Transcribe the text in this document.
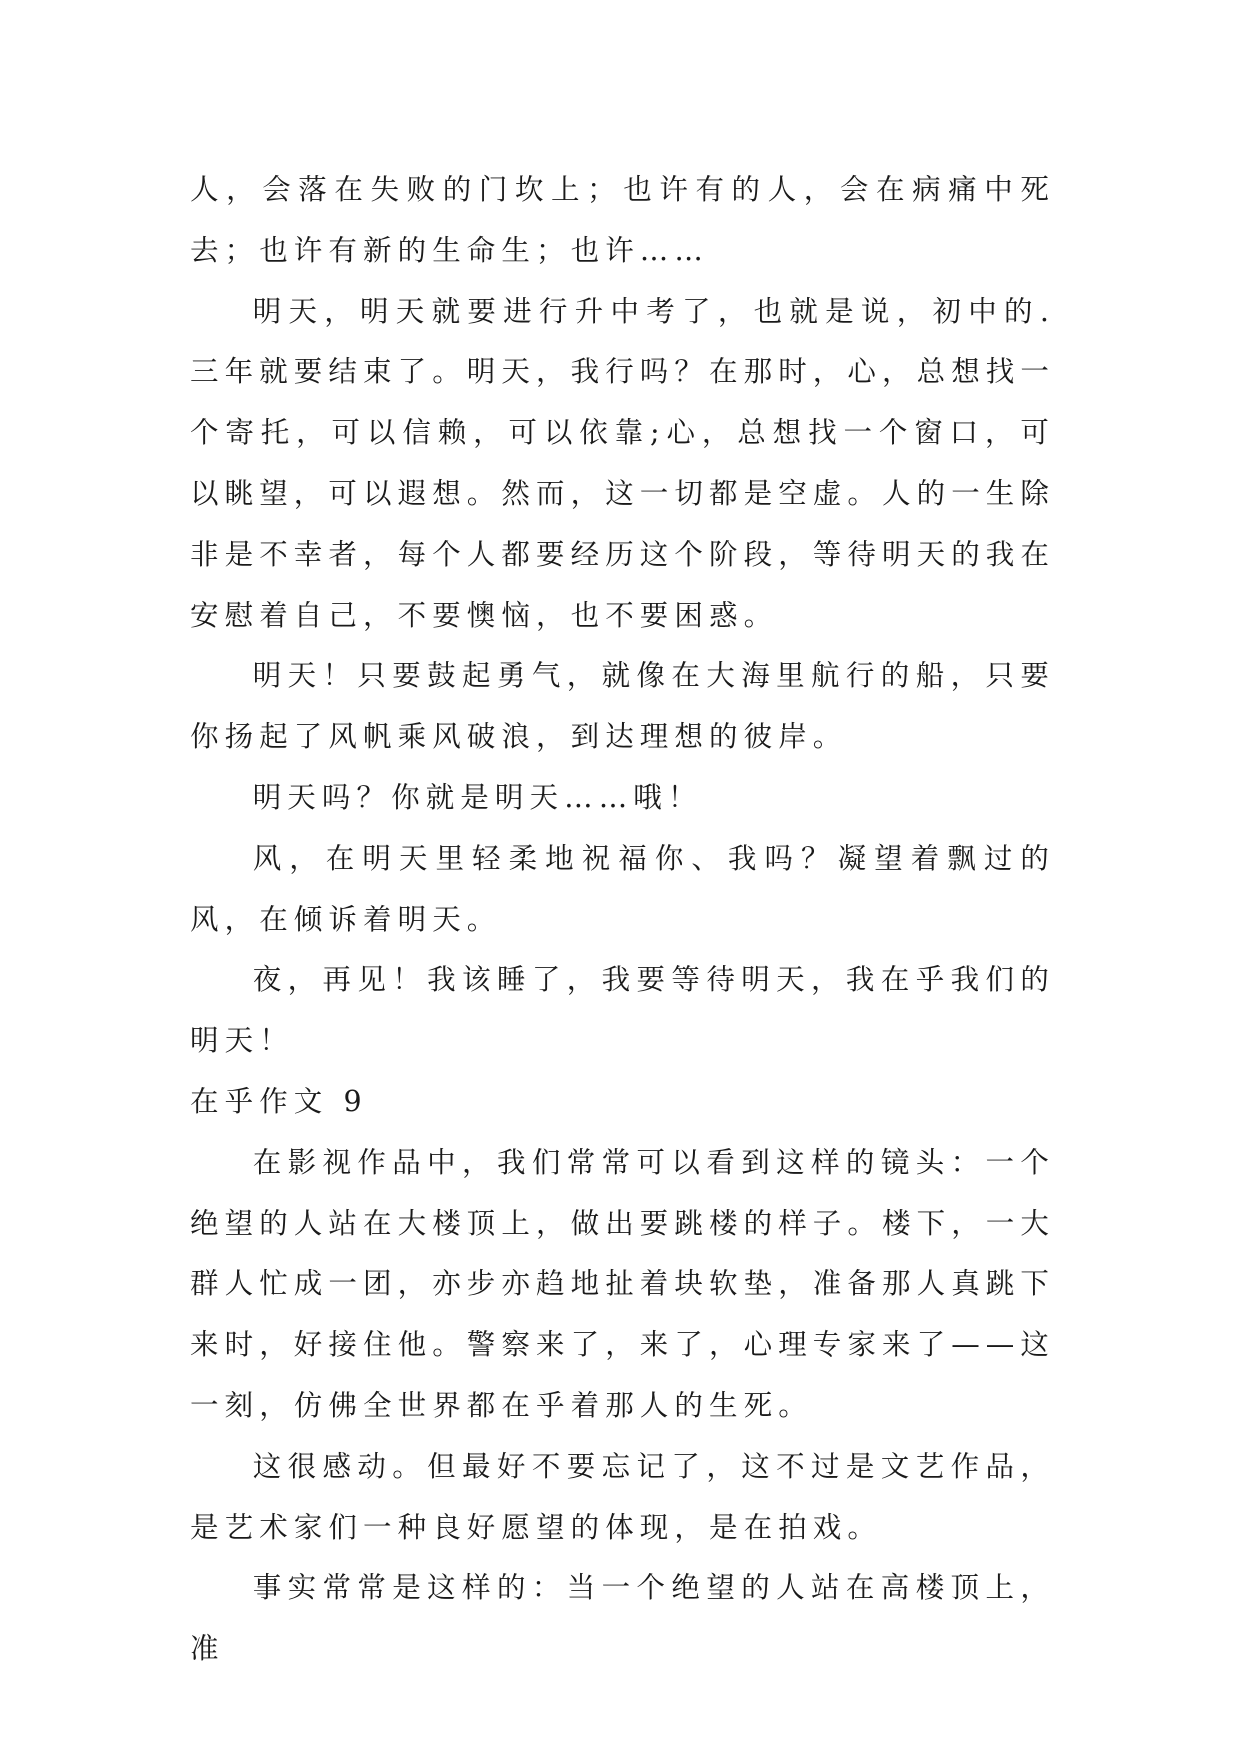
人，会落在失败的门坎上；也许有的人，会在病痛中死去；也许有新的生命生；也许……

明天，明天就要进行升中考了，也就是说，初中的.三年就要结束了。明天，我行吗？在那时，心，总想找一个寄托，可以信赖，可以依靠;心，总想找一个窗口，可以眺望，可以遐想。然而，这一切都是空虚。人的一生除非是不幸者，每个人都要经历这个阶段，等待明天的我在安慰着自己，不要懊恼，也不要困惑。

明天！只要鼓起勇气，就像在大海里航行的船，只要你扬起了风帆乘风破浪，到达理想的彼岸。

明天吗？你就是明天……哦！

风，在明天里轻柔地祝福你、我吗？凝望着飘过的风，在倾诉着明天。

夜，再见！我该睡了，我要等待明天，我在乎我们的明天！

在乎作文 9

在影视作品中，我们常常可以看到这样的镜头：一个绝望的人站在大楼顶上，做出要跳楼的样子。楼下，一大群人忙成一团，亦步亦趋地扯着块软垫，准备那人真跳下来时，好接住他。警察来了，来了，心理专家来了——这一刻，仿佛全世界都在乎着那人的生死。

这很感动。但最好不要忘记了，这不过是文艺作品，是艺术家们一种良好愿望的体现，是在拍戏。

事实常常是这样的：当一个绝望的人站在高楼顶上，准
